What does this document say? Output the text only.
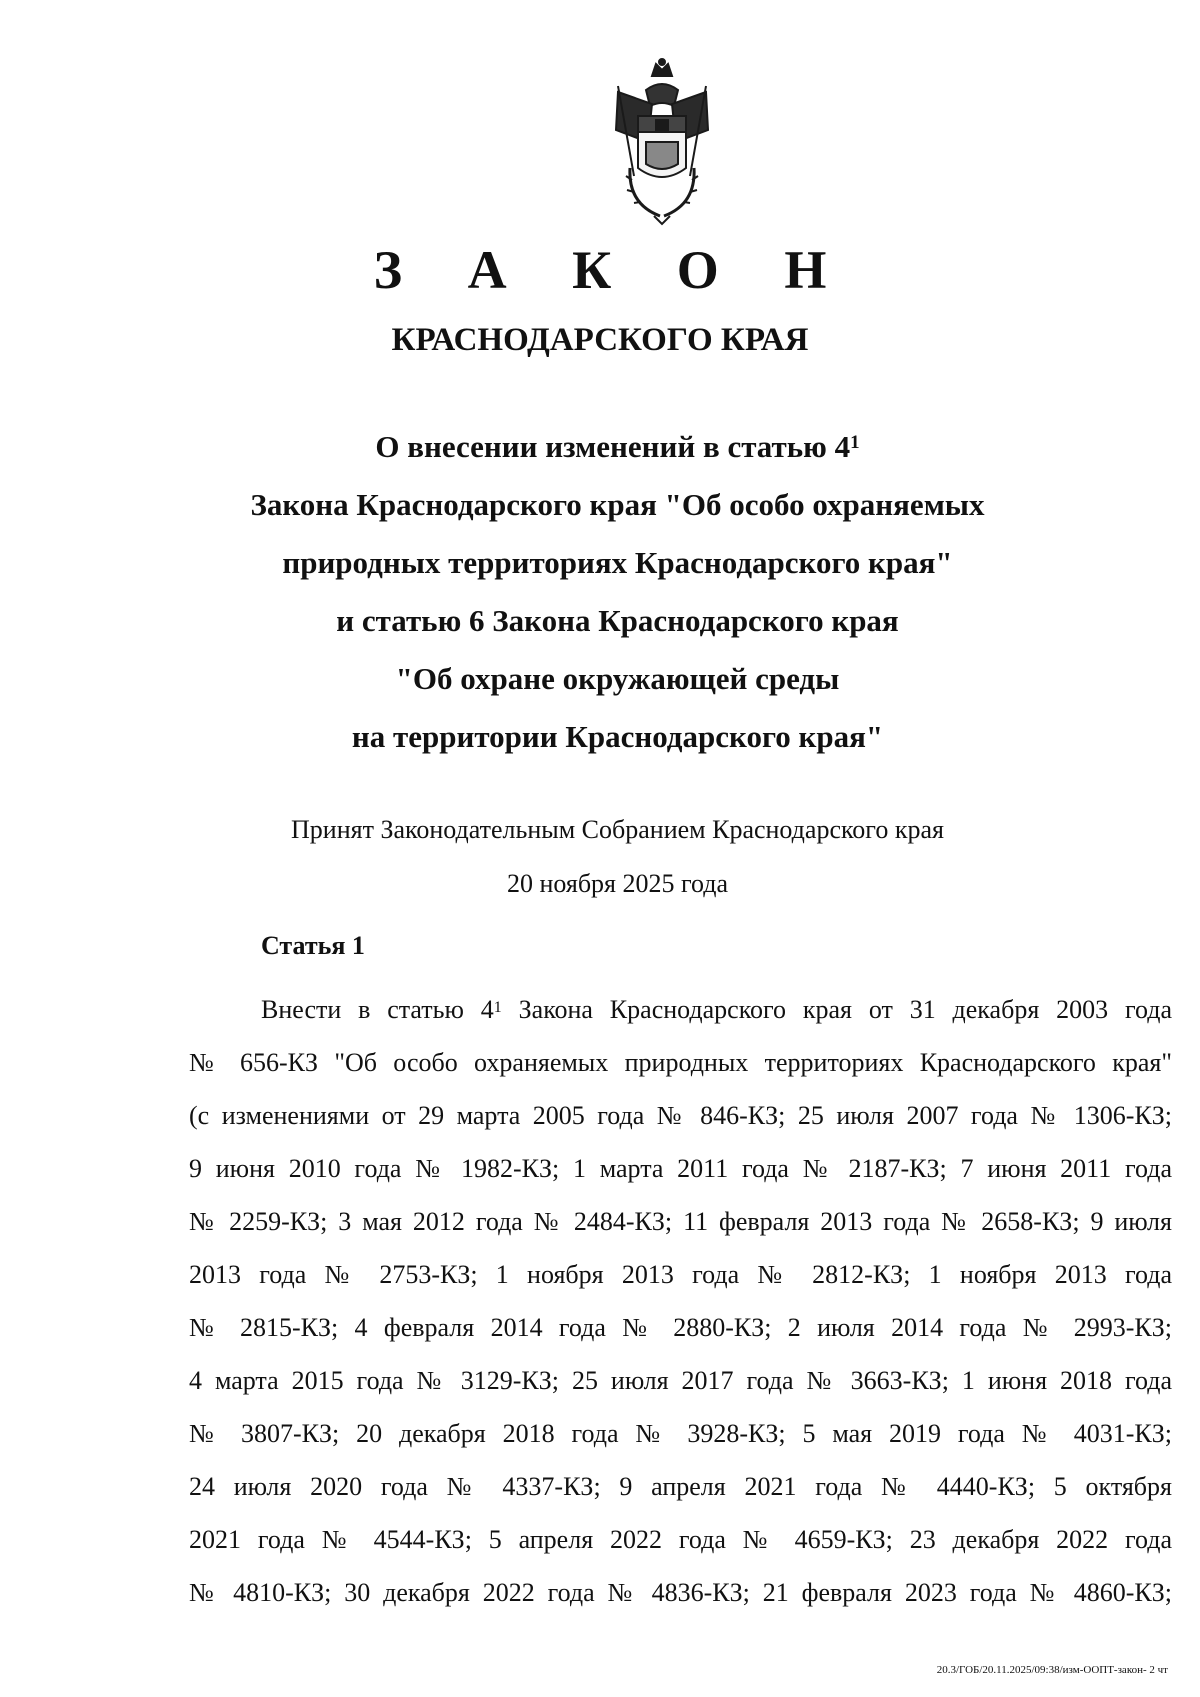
З А К О Н
КРАСНОДАРСКОГО КРАЯ
О внесении изменений в статью $4^1$
Закона Краснодарского края "Об особо охраняемых
природных территориях Краснодарского края"
и статью 6 Закона Краснодарского края
"Об охране окружающей среды
на территории Краснодарского края"
Принят Законодательным Собранием Краснодарского края
20 ноября 2025 года
Статья 1
Внести в статью $4^1$ Закона Краснодарского края от 31 декабря 2003 года
№ 656-КЗ "Об особо охраняемых природных территориях Краснодарского края"
(с изменениями от 29 марта 2005 года № 846-КЗ; 25 июля 2007 года № 1306-КЗ;
9 июня 2010 года № 1982-КЗ; 1 марта 2011 года № 2187-КЗ; 7 июня 2011 года
№ 2259-КЗ; 3 мая 2012 года № 2484-КЗ; 11 февраля 2013 года № 2658-КЗ; 9 июля
2013 года № 2753-КЗ; 1 ноября 2013 года № 2812-КЗ; 1 ноября 2013 года
№ 2815-КЗ; 4 февраля 2014 года № 2880-КЗ; 2 июля 2014 года № 2993-КЗ;
4 марта 2015 года № 3129-КЗ; 25 июля 2017 года № 3663-КЗ; 1 июня 2018 года
№ 3807-КЗ; 20 декабря 2018 года № 3928-КЗ; 5 мая 2019 года № 4031-КЗ;
24 июля 2020 года № 4337-КЗ; 9 апреля 2021 года № 4440-КЗ; 5 октября
2021 года № 4544-КЗ; 5 апреля 2022 года № 4659-КЗ; 23 декабря 2022 года
№ 4810-КЗ; 30 декабря 2022 года № 4836-КЗ; 21 февраля 2023 года № 4860-КЗ;
20.3/ГОБ/20.11.2025/09:38/изм-ООПТ-закон- 2 чт
